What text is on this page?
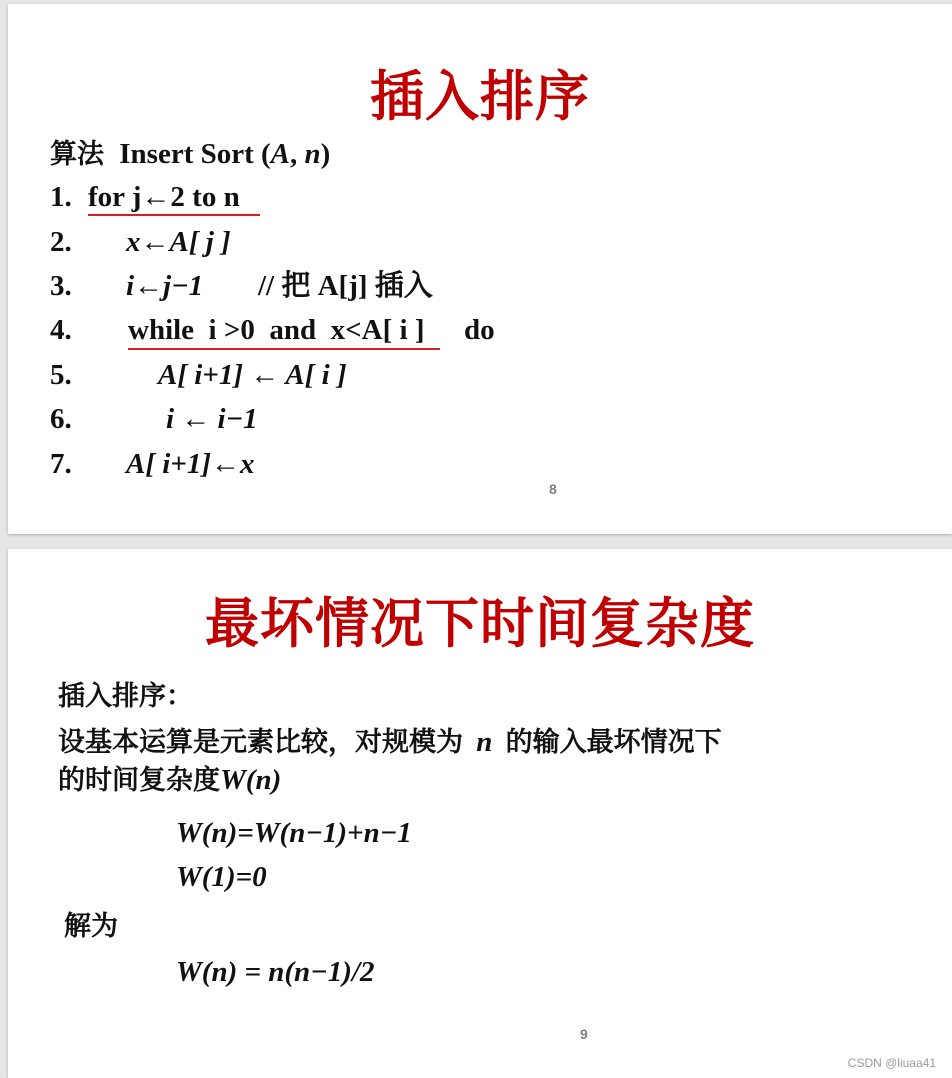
插入排序
算法 Insert Sort (A, n)
1. for j←2 to n
2. x←A[ j ]
3. i←j−1 // 把 A[j] 插入
4. while  i >0  and  x<A[ i ] do
5.	A[ i+1] ← A[ i ]
6.	i ← i−1
7. A[ i+1]←x
8
最坏情况下时间复杂度
插入排序：
设基本运算是元素比较，对规模为 n 的输入最坏情况下
的时间复杂度W(n)
W(n)=W(n−1)+n−1
W(1)=0
解为
W(n) = n(n−1)/2
9
CSDN @liuaa41
